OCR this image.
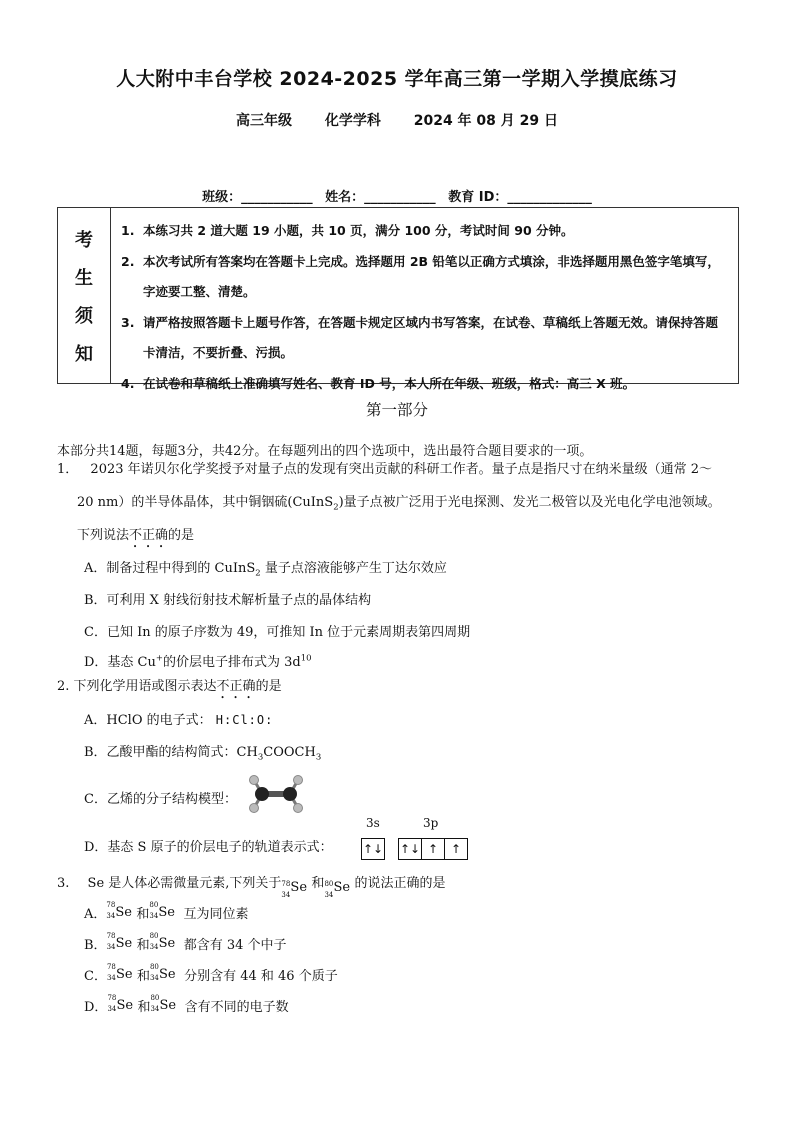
人大附中丰台学校 2024-2025 学年高三第一学期入学摸底练习
高三年级 化学学科 2024 年 08 月 29 日
班级：___________ 姓名：___________ 教育 ID：_____________
考
生
须
知
1. 本练习共 2 道大题 19 小题，共 10 页，满分 100 分，考试时间 90 分钟。
2. 本次考试所有答案均在答题卡上完成。选择题用 2B 铅笔以正确方式填涂，非选择题用黑色签字笔填写，字迹要工整、清楚。
3. 请严格按照答题卡上题号作答，在答题卡规定区域内书写答案，在试卷、草稿纸上答题无效。请保持答题卡清洁，不要折叠、污损。
4. 在试卷和草稿纸上准确填写姓名、教育 ID 号，本人所在年级、班级，格式：高三 X 班。
第一部分
本部分共14题，每题3分，共42分。在每题列出的四个选项中，选出最符合题目要求的一项。
1． 2023 年诺贝尔化学奖授予对量子点的发现有突出贡献的科研工作者。量子点是指尺寸在纳米量级（通常 2～
20 nm）的半导体晶体，其中铜铟硫(CuInS$_2$)量子点被广泛用于光电探测、发光二极管以及光电化学电池领域。
下列说法不正确的是
A．制备过程中得到的 CuInS$_2$ 量子点溶液能够产生丁达尔效应
B．可利用 X 射线衍射技术解析量子点的晶体结构
C．已知 In 的原子序数为 49，可推知 In 位于元素周期表第四周期
D．基态 Cu+的价层电子排布式为 $3d^{10}$
2. 下列化学用语或图示表达不正确的是
A．HClO 的电子式： H:Cl:O:
B．乙酸甲酯的结构简式：$CH_3COOCH_3$
C．乙烯的分子结构模型：
D．基态 S 原子的价层电子的轨道表示式：
3s	3p
↑↓ ↑↓ ↑	↑
3. Se 是人体必需微量元素,下列关于 78
34 Se 和 80
34 Se 的说法正确的是
A．
78
34 Se 和
80
34 Se 互为同位素
B．
78
34 Se 和
80
34 Se 都含有 34 个中子
C．
78
34 Se 和
80
34 Se 分别含有 44 和 46 个质子
D．
78
34 Se 和
80
34 Se 含有不同的电子数
